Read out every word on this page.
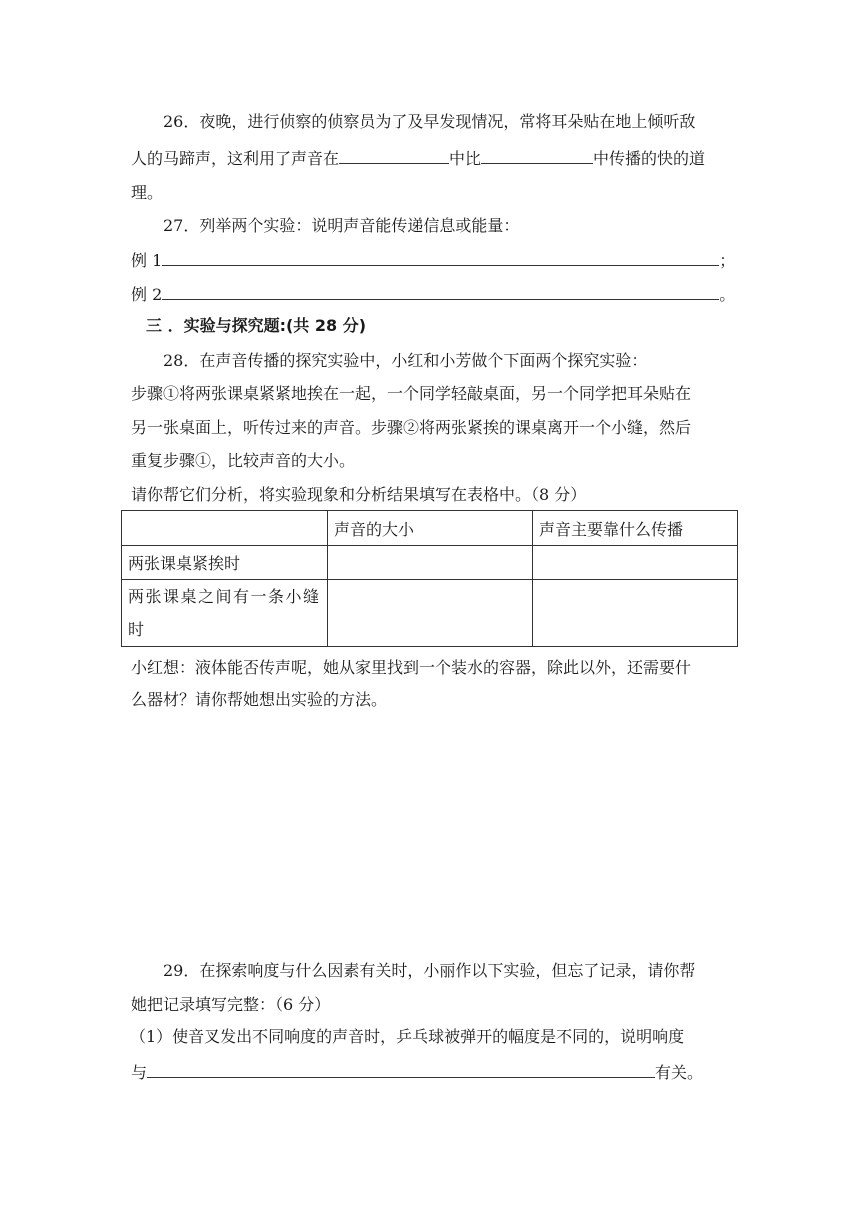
26．夜晚，进行侦察的侦察员为了及早发现情况，常将耳朵贴在地上倾听敌
人的马蹄声，这利用了声音在	中比	中传播的快的道
理。
27．列举两个实验：说明声音能传递信息或能量：
例 1	；
例 2	。
三 ．实验与探究题:(共 28 分)
28．在声音传播的探究实验中，小红和小芳做个下面两个探究实验：
步骤①将两张课桌紧紧地挨在一起，一个同学轻敲桌面，另一个同学把耳朵贴在
另一张桌面上，听传过来的声音。步骤②将两张紧挨的课桌离开一个小缝，然后
重复步骤①，比较声音的大小。
请你帮它们分析，将实验现象和分析结果填写在表格中。（8 分）
	声音的大小	声音主要靠什么传播
两张课桌紧挨时		

两张课桌之间有一条小缝时		

小红想：液体能否传声呢，她从家里找到一个装水的容器，除此以外，还需要什
么器材？请你帮她想出实验的方法。
29．在探索响度与什么因素有关时，小丽作以下实验，但忘了记录，请你帮
她把记录填写完整：（6 分）
（1）使音叉发出不同响度的声音时，乒乓球被弹开的幅度是不同的，说明响度
与	有关。
